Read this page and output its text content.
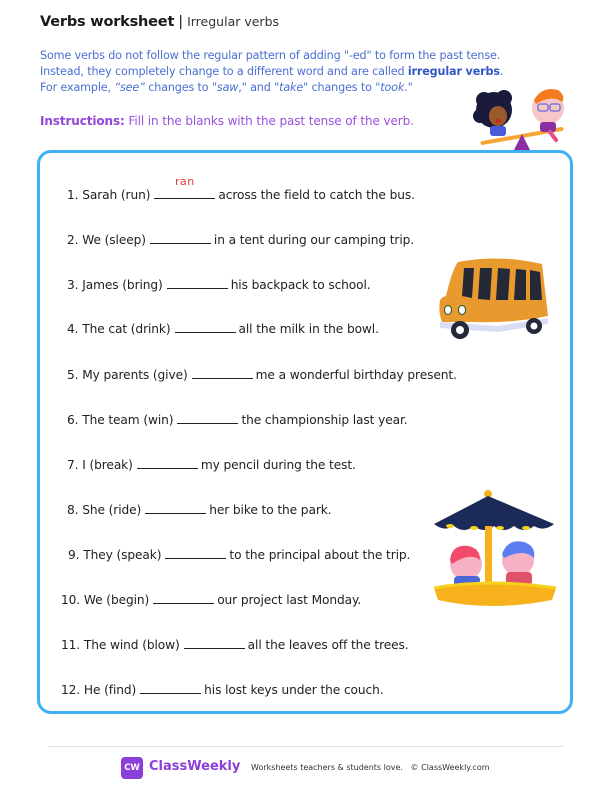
Verbs worksheet | Irregular verbs

Some verbs do not follow the regular pattern of adding "-ed" to form the past tense.

Instead, they completely change to a different word and are called irregular verbs.

For example, “see” changes to "saw," and "take" changes to "took."

Instructions: Fill in the blanks with the past tense of the verb.
1. Sarah (run)
ran
across the field to catch the bus.
2. We (sleep)	in a tent during our camping trip.
3. James (bring)	his backpack to school.
4. The cat (drink)	all the milk in the bowl.
5. My parents (give)	me a wonderful birthday present.
6. The team (win)	the championship last year.
7. I (break)	my pencil during the test.
8. She (ride)	her bike to the park.
9. They (speak)	to the principal about the trip.
10. We (begin)	our project last Monday.
11. The wind (blow)	all the leaves off the trees.
12. He (find)	his lost keys under the couch.
CW ClassWeekly Worksheets teachers & students love.   © ClassWeekly.com
